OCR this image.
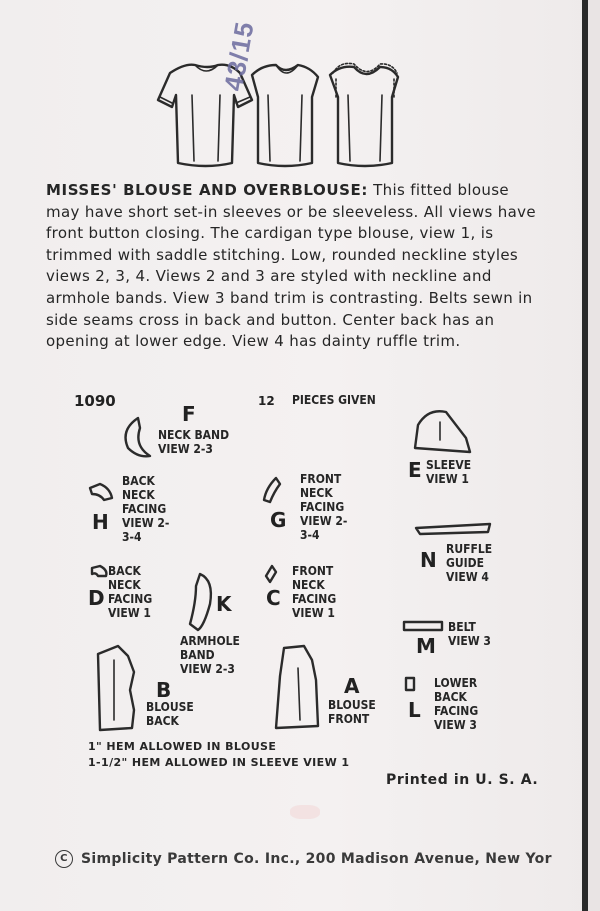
43/15
MISSES' BLOUSE AND OVERBLOUSE: This fitted blouse may have short set-in sleeves or be sleeveless. All views have front button closing. The cardigan type blouse, view 1, is trimmed with saddle stitching. Low, rounded neckline styles views 2, 3, 4. Views 2 and 3 are styled with neckline and armhole bands. View 3 band trim is contrasting. Belts sewn in side seams cross in back and button. Center back has an opening at lower edge. View 4 has dainty ruffle trim.
1090	12 PIECES GIVEN
F
NECK BAND
VIEW 2-3
E SLEEVE
VIEW 1
H
BACK
NECK
FACING
VIEW 2-
3-4
G
FRONT
NECK
FACING
VIEW 2-
3-4
N RUFFLE
GUIDE
VIEW 4
D
BACK
NECK
FACING
VIEW 1
C
FRONT
NECK
FACING
VIEW 1
K
ARMHOLE
BAND
VIEW 2-3
M
BELT
VIEW 3
B
BLOUSE
BACK
A
BLOUSE
FRONT	L
LOWER
BACK
FACING
VIEW 3
1" HEM ALLOWED IN BLOUSE
1-1/2" HEM ALLOWED IN SLEEVE VIEW 1
Printed in U. S. A.
C Simplicity Pattern Co. Inc., 200 Madison Avenue, New Yor
